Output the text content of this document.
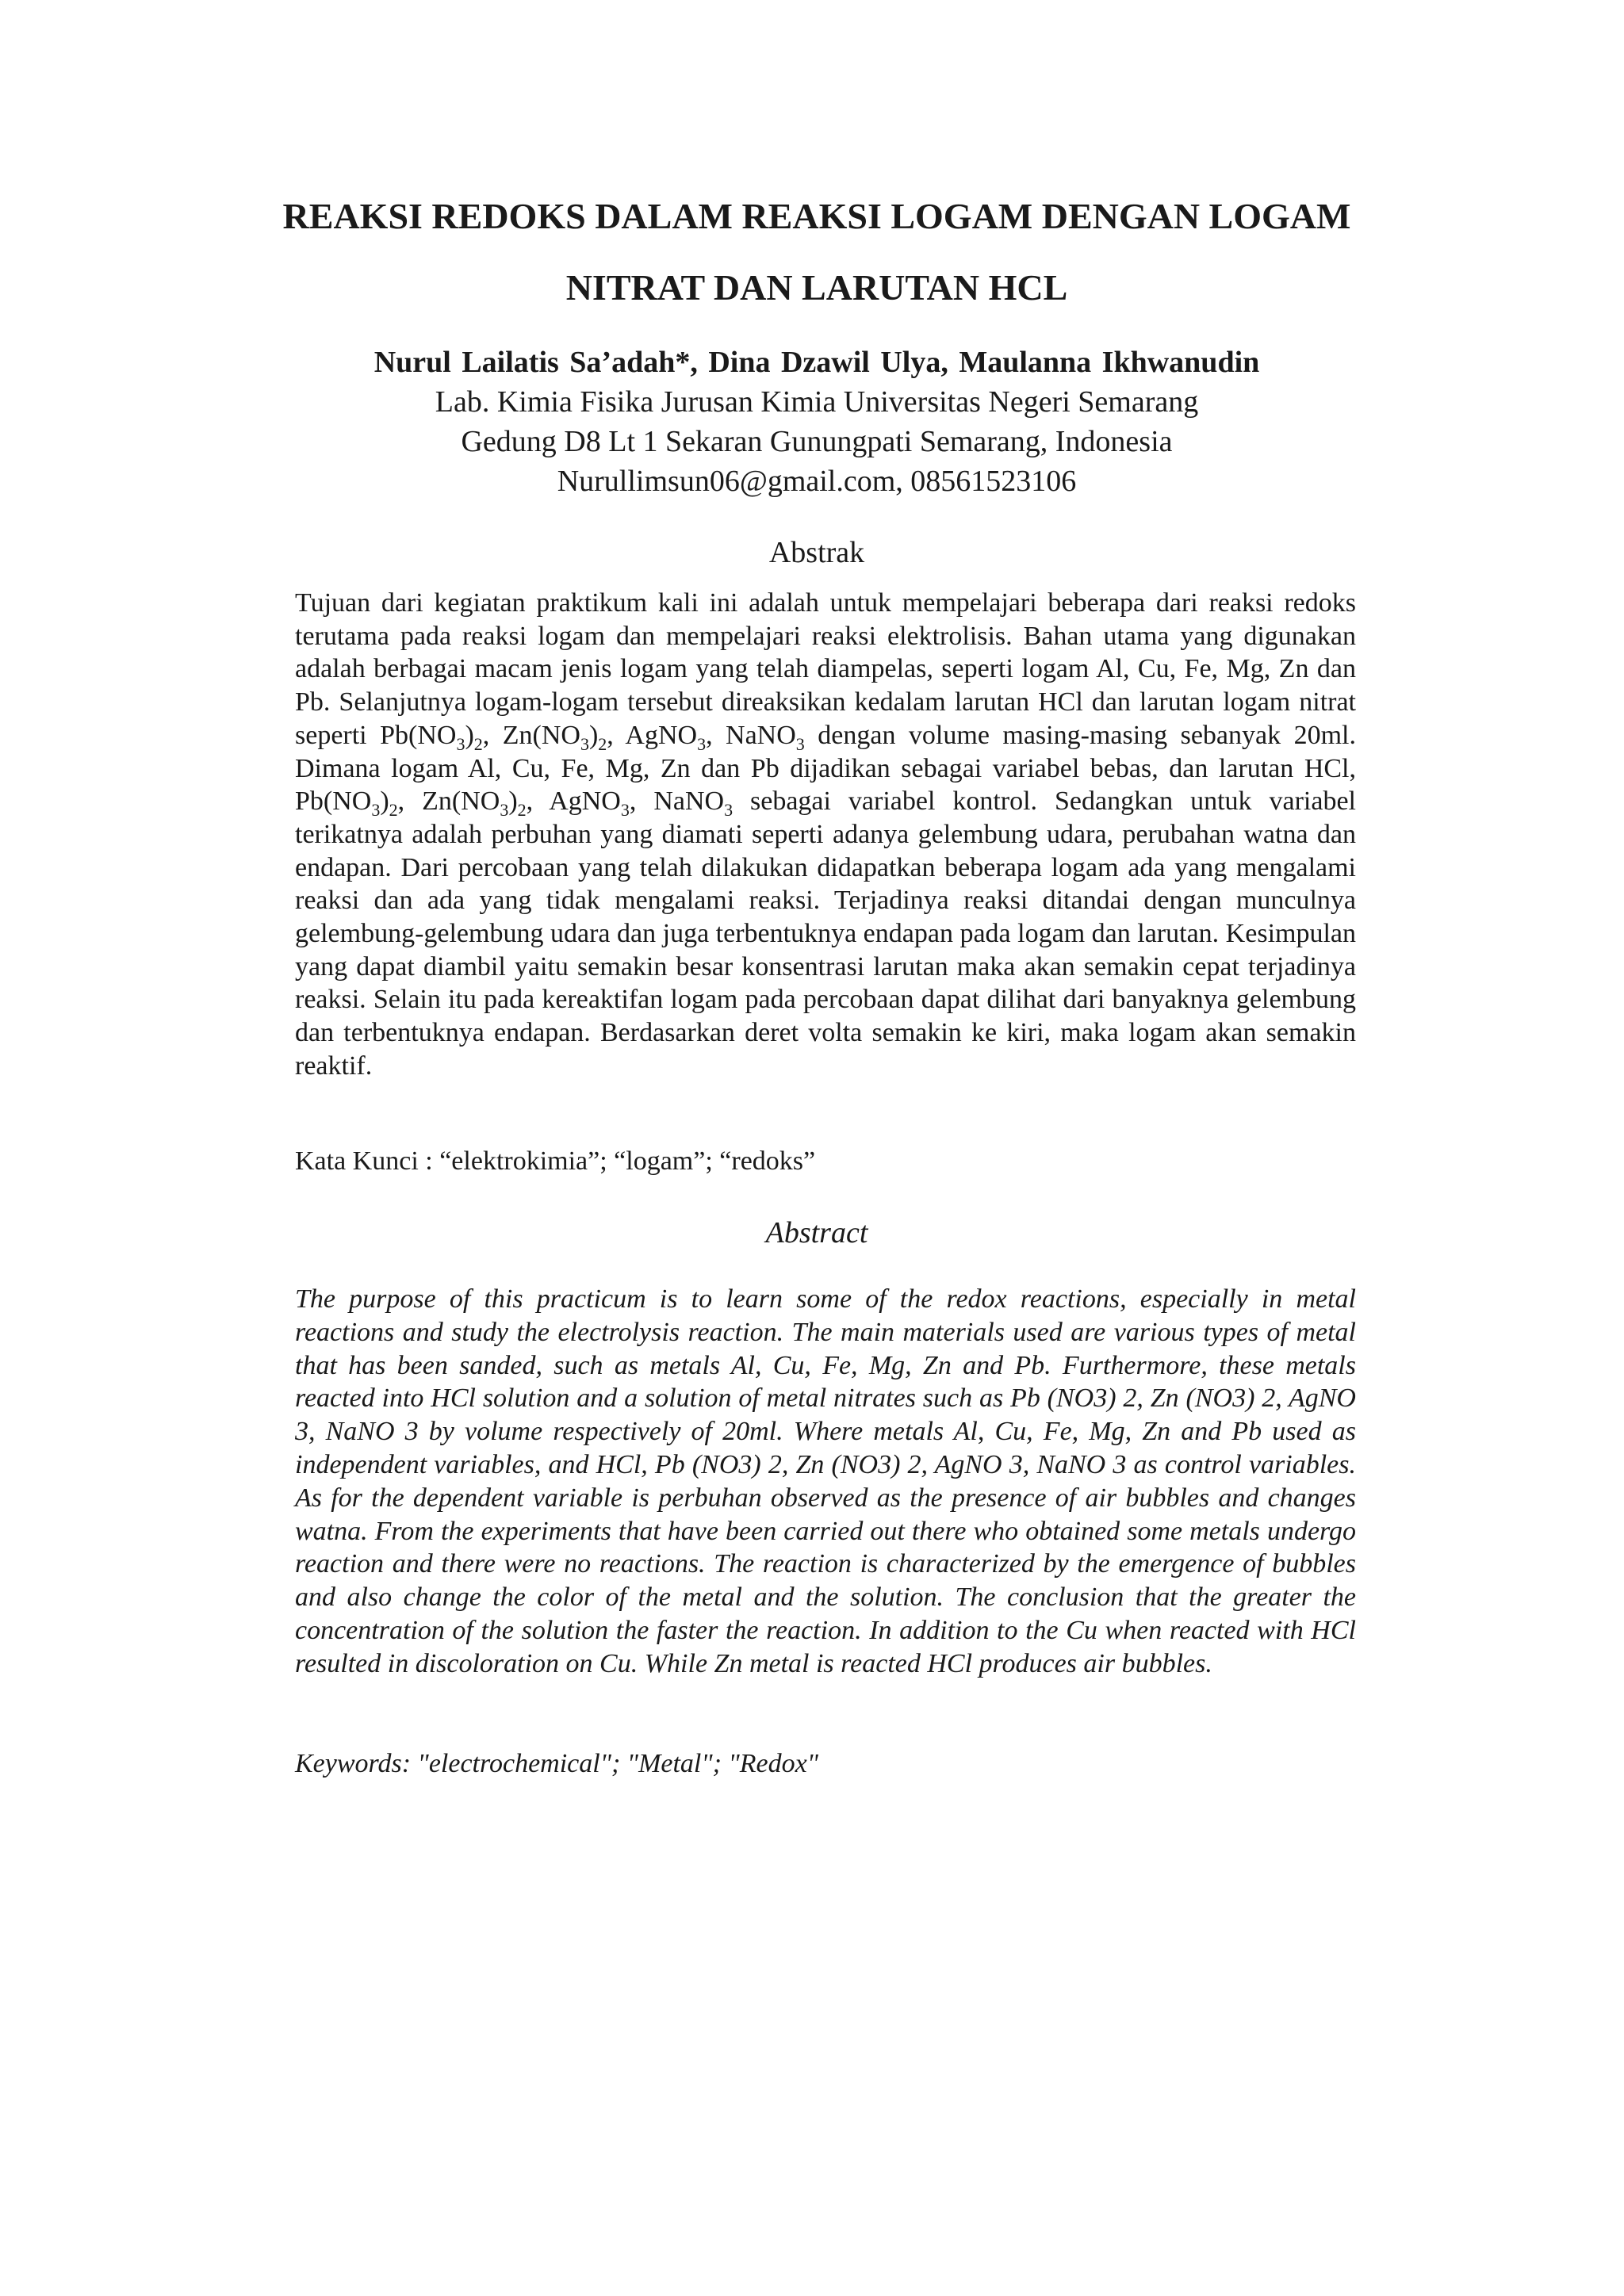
REAKSI REDOKS DALAM REAKSI LOGAM DENGAN LOGAM
NITRAT DAN LARUTAN HCL
Nurul Lailatis Sa’adah*, Dina Dzawil Ulya, Maulanna Ikhwanudin
Lab. Kimia Fisika Jurusan Kimia Universitas Negeri Semarang
Gedung D8 Lt 1 Sekaran Gunungpati Semarang, Indonesia
Nurullimsun06@gmail.com, 08561523106
Abstrak

Tujuan dari kegiatan praktikum kali ini adalah untuk mempelajari beberapa dari reaksi redoks terutama pada reaksi logam dan mempelajari reaksi elektrolisis. Bahan utama yang digunakan adalah berbagai macam jenis logam yang telah diampelas, seperti logam Al, Cu, Fe, Mg, Zn dan Pb. Selanjutnya logam-logam tersebut direaksikan kedalam larutan HCl dan larutan logam nitrat seperti $Pb(NO_3)_2$, $Zn(NO_3)_2$, AgNO$_3$, NaNO$_3$ dengan volume masing-masing sebanyak 20ml. Dimana logam Al, Cu, Fe, Mg, Zn dan Pb dijadikan sebagai variabel bebas, dan larutan HCl, $Pb(NO_3)_2$, $Zn(NO_3)_2$, AgNO$_3$, NaNO$_3$ sebagai variabel kontrol. Sedangkan untuk variabel terikatnya adalah perbuhan yang diamati seperti adanya gelembung udara, perubahan watna dan endapan. Dari percobaan yang telah dilakukan didapatkan beberapa logam ada yang mengalami reaksi dan ada yang tidak mengalami reaksi. Terjadinya reaksi ditandai dengan munculnya gelembung-gelembung udara dan juga terbentuknya endapan pada logam dan larutan. Kesimpulan yang dapat diambil yaitu semakin besar konsentrasi larutan maka akan semakin cepat terjadinya reaksi. Selain itu pada kereaktifan logam pada percobaan dapat dilihat dari banyaknya gelembung dan terbentuknya endapan. Berdasarkan deret volta semakin ke kiri, maka logam akan semakin reaktif.

Kata Kunci : “elektrokimia”; “logam”; “redoks”
Abstract

The purpose of this practicum is to learn some of the redox reactions, especially in metal reactions and study the electrolysis reaction. The main materials used are various types of metal that has been sanded, such as metals Al, Cu, Fe, Mg, Zn and Pb. Furthermore, these metals reacted into HCl solution and a solution of metal nitrates such as Pb (NO3) 2, Zn (NO3) 2, AgNO 3, NaNO 3 by volume respectively of 20ml. Where metals Al, Cu, Fe, Mg, Zn and Pb used as independent variables, and HCl, Pb (NO3) 2, Zn (NO3) 2, AgNO 3, NaNO 3 as control variables. As for the dependent variable is perbuhan observed as the presence of air bubbles and changes watna. From the experiments that have been carried out there who obtained some metals undergo reaction and there were no reactions. The reaction is characterized by the emergence of bubbles and also change the color of the metal and the solution. The conclusion that the greater the concentration of the solution the faster the reaction. In addition to the Cu when reacted with HCl resulted in discoloration on Cu. While Zn metal is reacted HCl produces air bubbles.

Keywords: "electrochemical"; "Metal"; "Redox"
